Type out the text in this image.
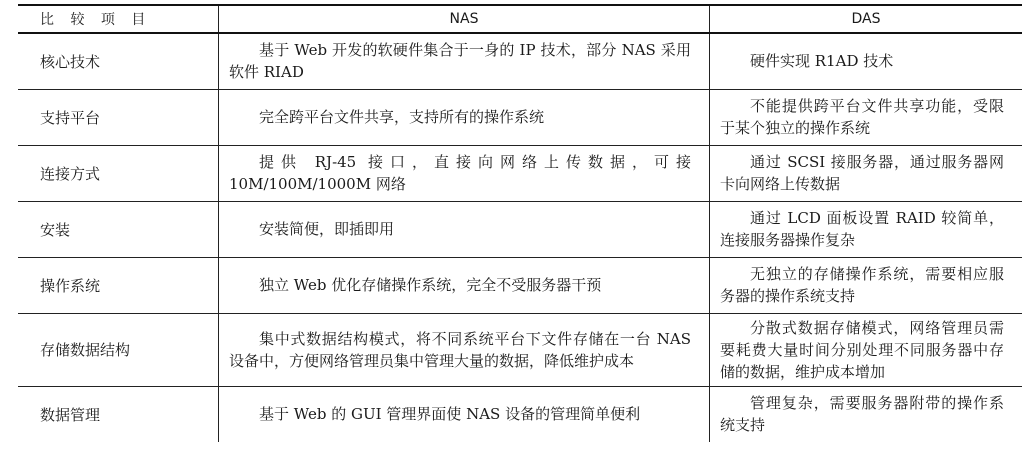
比 较 项 目	NAS	DAS
核心技术	基于 Web 开发的软硬件集合于一身的 IP 技术，部分 NAS 采用软件 RIAD	硬件实现 R1AD 技术
支持平台	完全跨平台文件共享，支持所有的操作系统	不能提供跨平台文件共享功能，受限于某个独立的操作系统
连接方式	提供 RJ-45 接口，直接向网络上传数据，可接 10M/100M/1000M 网络	通过 SCSI 接服务器，通过服务器网卡向网络上传数据
安装	安装简便，即插即用	通过 LCD 面板设置 RAID 较简单，连接服务器操作复杂
操作系统	独立 Web 优化存储操作系统，完全不受服务器干预	无独立的存储操作系统，需要相应服务器的操作系统支持
存储数据结构	集中式数据结构模式，将不同系统平台下文件存储在一台 NAS 设备中，方便网络管理员集中管理大量的数据，降低维护成本	分散式数据存储模式，网络管理员需要耗费大量时间分别处理不同服务器中存储的数据，维护成本增加
数据管理	基于 Web 的 GUI 管理界面使 NAS 设备的管理简单便利	管理复杂，需要服务器附带的操作系统支持
